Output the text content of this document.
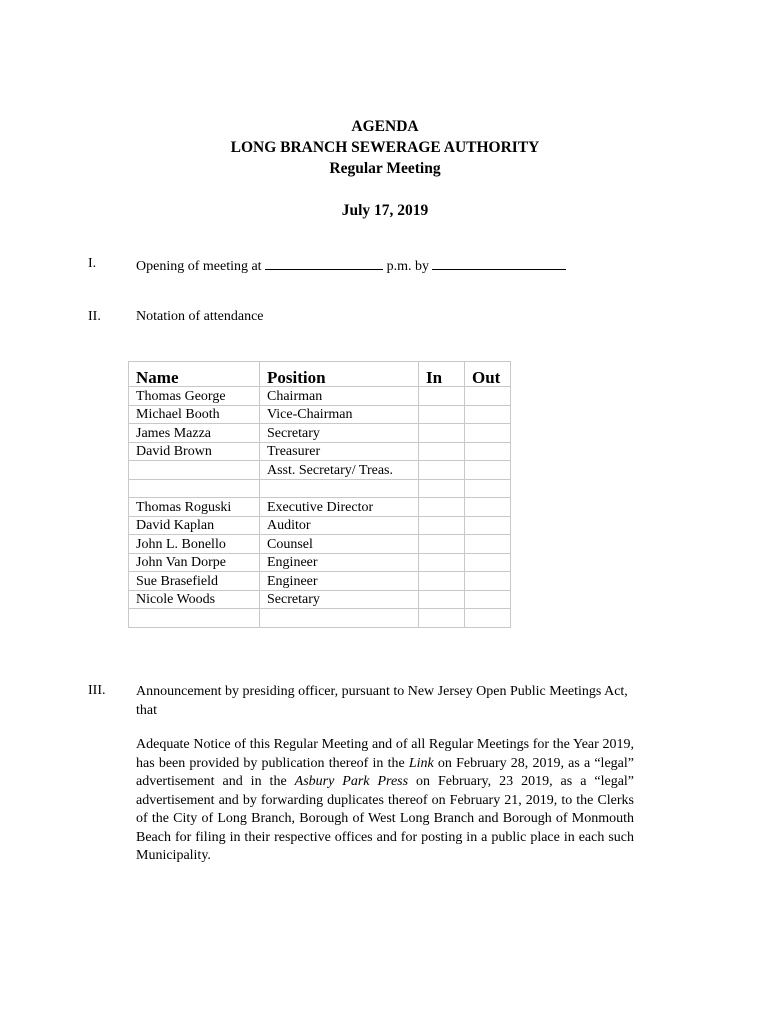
AGENDA
LONG BRANCH SEWERAGE AUTHORITY
Regular Meeting
July 17, 2019
I.	Opening of meeting at	p.m. by
II.	Notation of attendance
Name	Position	In	Out
Thomas George	Chairman		
Michael Booth	Vice-Chairman		
James Mazza	Secretary		
David Brown	Treasurer		
	Asst. Secretary/ Treas.		

Thomas Roguski	Executive Director		
David Kaplan	Auditor		
John L. Bonello	Counsel		
John Van Dorpe	Engineer		
Sue Brasefield	Engineer		
Nicole Woods	Secretary		

III. Announcement by presiding officer, pursuant to New Jersey Open Public Meetings Act,
that
Adequate Notice of this Regular Meeting and of all Regular Meetings for the Year 2019, has been provided by publication thereof in the Link on February 28, 2019, as a “legal” advertisement and in the Asbury Park Press on February, 23 2019, as a “legal” advertisement and by forwarding duplicates thereof on February 21, 2019, to the Clerks of the City of Long Branch, Borough of West Long Branch and Borough of Monmouth Beach for filing in their respective offices and for posting in a public place in each such Municipality.
